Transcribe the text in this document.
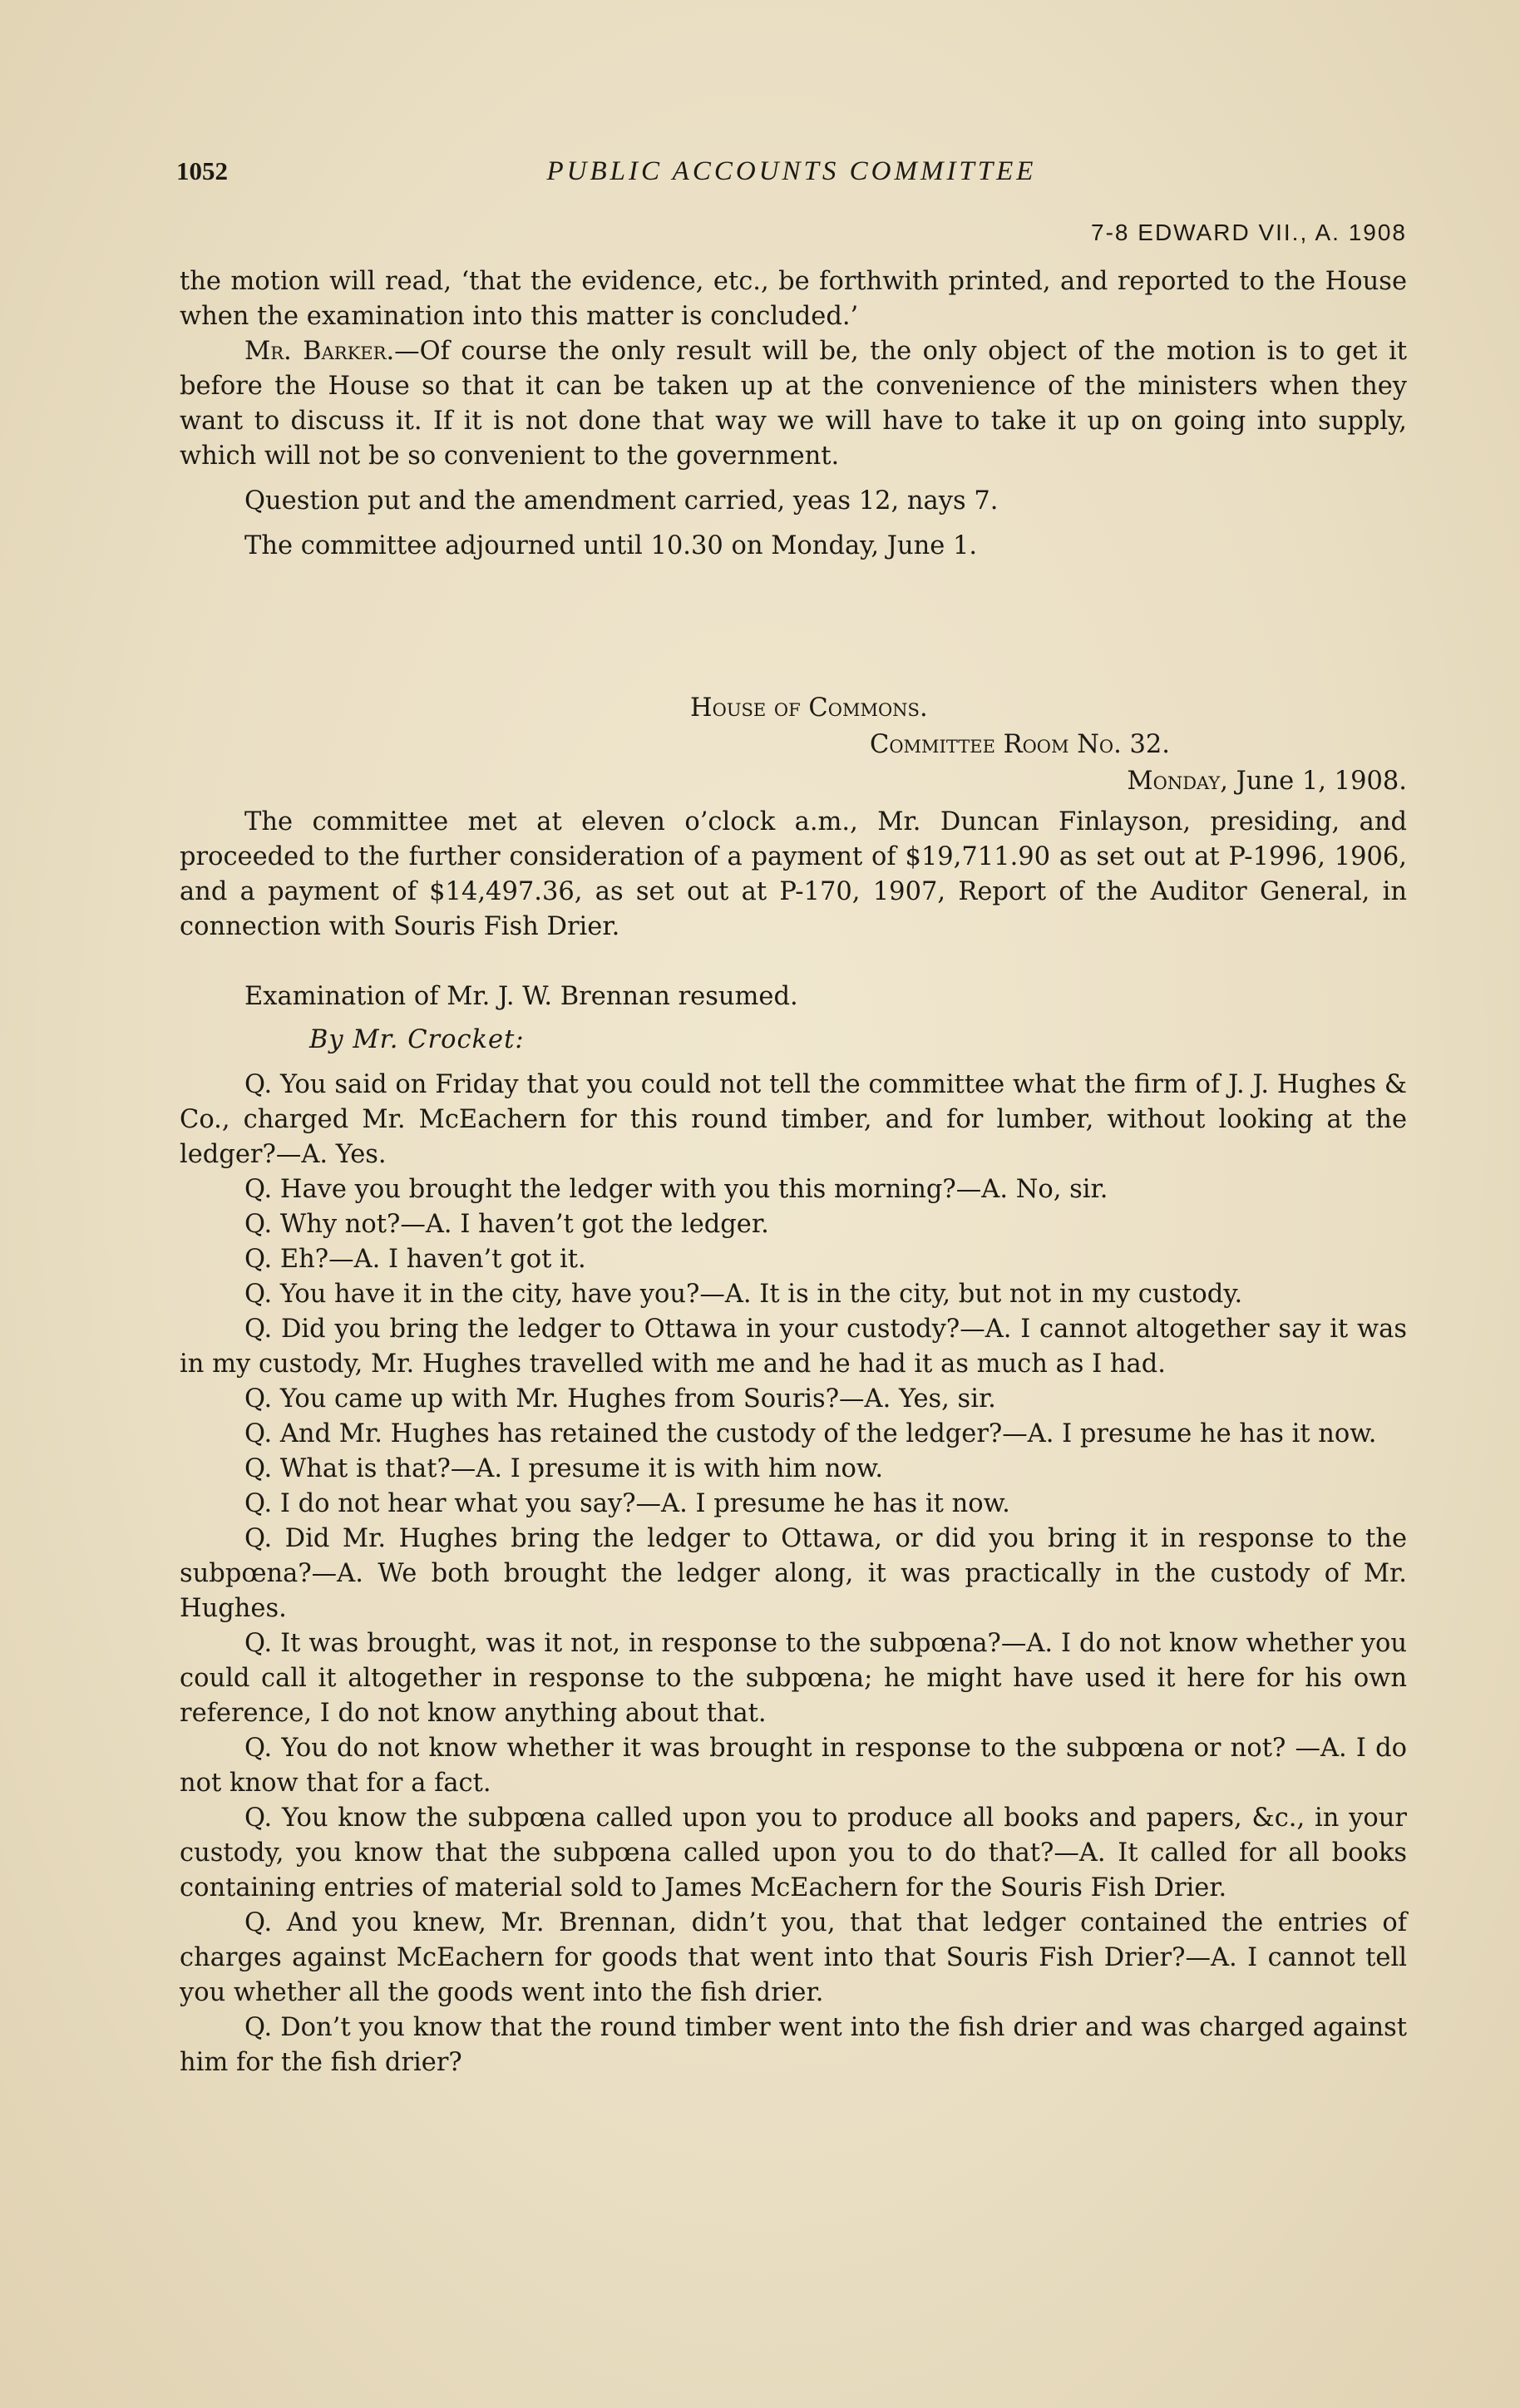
1052	PUBLIC ACCOUNTS COMMITTEE
7-8 EDWARD VII., A. 1908

the motion will read, ‘that the evidence, etc., be forthwith printed, and reported to the House when the examination into this matter is concluded.’

Mr. Barker.—Of course the only result will be, the only object of the motion is to get it before the House so that it can be taken up at the convenience of the ministers when they want to discuss it. If it is not done that way we will have to take it up on going into supply, which will not be so convenient to the government.

Question put and the amendment carried, yeas 12, nays 7.

The committee adjourned until 10.30 on Monday, June 1.

House of Commons.
Committee Room No. 32.
Monday, June 1, 1908.

The committee met at eleven o’clock a.m., Mr. Duncan Finlayson, presiding, and proceeded to the further consideration of a payment of $19,711.90 as set out at P-1996, 1906, and a payment of $14,497.36, as set out at P-170, 1907, Report of the Auditor General, in connection with Souris Fish Drier.

Examination of Mr. J. W. Brennan resumed.

By Mr. Crocket:

Q. You said on Friday that you could not tell the committee what the firm of J. J. Hughes & Co., charged Mr. McEachern for this round timber, and for lumber, without looking at the ledger?—A. Yes.

Q. Have you brought the ledger with you this morning?—A. No, sir.

Q. Why not?—A. I haven’t got the ledger.

Q. Eh?—A. I haven’t got it.

Q. You have it in the city, have you?—A. It is in the city, but not in my custody.

Q. Did you bring the ledger to Ottawa in your custody?—A. I cannot altogether say it was in my custody, Mr. Hughes travelled with me and he had it as much as I had.

Q. You came up with Mr. Hughes from Souris?—A. Yes, sir.

Q. And Mr. Hughes has retained the custody of the ledger?—A. I presume he has it now.

Q. What is that?—A. I presume it is with him now.

Q. I do not hear what you say?—A. I presume he has it now.

Q. Did Mr. Hughes bring the ledger to Ottawa, or did you bring it in response to the subpœna?—A. We both brought the ledger along, it was practically in the custody of Mr. Hughes.

Q. It was brought, was it not, in response to the subpœna?—A. I do not know whether you could call it altogether in response to the subpœna; he might have used it here for his own reference, I do not know anything about that.

Q. You do not know whether it was brought in response to the subpœna or not? —A. I do not know that for a fact.

Q. You know the subpœna called upon you to produce all books and papers, &c., in your custody, you know that the subpœna called upon you to do that?—A. It called for all books containing entries of material sold to James McEachern for the Souris Fish Drier.

Q. And you knew, Mr. Brennan, didn’t you, that that ledger contained the entries of charges against McEachern for goods that went into that Souris Fish Drier?—A. I cannot tell you whether all the goods went into the fish drier.

Q. Don’t you know that the round timber went into the fish drier and was charged against him for the fish drier?
